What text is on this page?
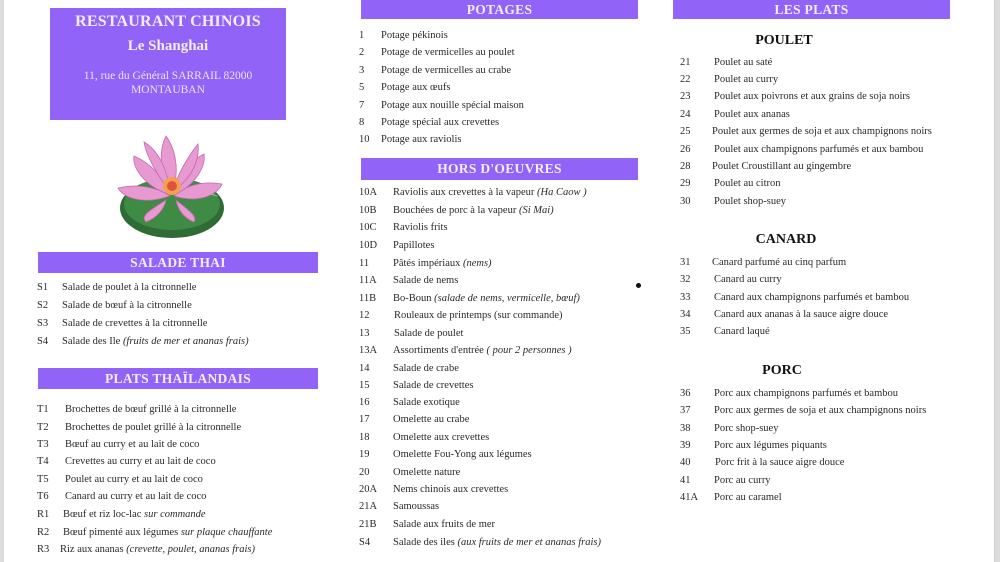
RESTAURANT CHINOIS
Le Shanghai
11, rue du Général SARRAIL 82000
MONTAUBAN
SALADE THAI
S1 Salade de poulet à la citronnelle
S2 Salade de bœuf à la citronnelle
S3 Salade de crevettes à la citronnelle
S4 Salade des Ile (fruits de mer et ananas frais)
PLATS THAÏLANDAIS
T1 Brochettes de bœuf grillé à la citronnelle
T2 Brochettes de poulet grillé à la citronnelle
T3 Bœuf au curry et au lait de coco
T4 Crevettes au curry et au lait de coco
T5 Poulet au curry et au lait de coco
T6 Canard au curry et au lait de coco
R1 Bœuf et riz loc-lac sur commande
R2 Bœuf pimenté aux légumes sur plaque chauffante
R3 Riz aux ananas (crevette, poulet, ananas frais)
POTAGES
1 Potage pékinois
2 Potage de vermicelles au poulet
3 Potage de vermicelles au crabe
5 Potage aux œufs
7 Potage aux nouille spécial maison
8 Potage spécial aux crevettes
10 Potage aux raviolis
HORS D'OEUVRES
10A Raviolis aux crevettes à la vapeur (Ha Caow )
10B Bouchées de porc à la vapeur (Si Mai)
10C Raviolis frits
10D Papillotes
11 Pâtés impériaux (nems)
11A Salade de nems
11B Bo-Boun (salade de nems, vermicelle, bœuf)
12 Rouleaux de printemps (sur commande)
13 Salade de poulet
13A Assortiments d'entrée ( pour 2 personnes )
14 Salade de crabe
15 Salade de crevettes
16 Salade exotique
17 Omelette au crabe
18 Omelette aux crevettes
19 Omelette Fou-Yong aux légumes
20 Omelette nature
20A Nems chinois aux crevettes
21A Samoussas
21B Salade aux fruits de mer
S4 Salade des iles (aux fruits de mer et ananas frais)
LES PLATS
POULET
21 Poulet au saté
22 Poulet au curry
23 Poulet aux poivrons et aux grains de soja noirs
24 Poulet aux ananas
25 Poulet aux germes de soja et aux champignons noirs
26 Poulet aux champignons parfumés et aux bambou
28 Poulet Croustillant au gingembre
29 Poulet au citron
30 Poulet shop-suey
CANARD
31 Canard parfumé au cinq parfum
32 Canard au curry
33 Canard aux champignons parfumés et bambou
34 Canard aux ananas à la sauce aigre douce
35 Canard laqué
PORC
36 Porc aux champignons parfumés et bambou
37 Porc aux germes de soja et aux champignons noirs
38 Porc shop-suey
39 Porc aux légumes piquants
40 Porc frit à la sauce aigre douce
41 Porc au curry
41A Porc au caramel
